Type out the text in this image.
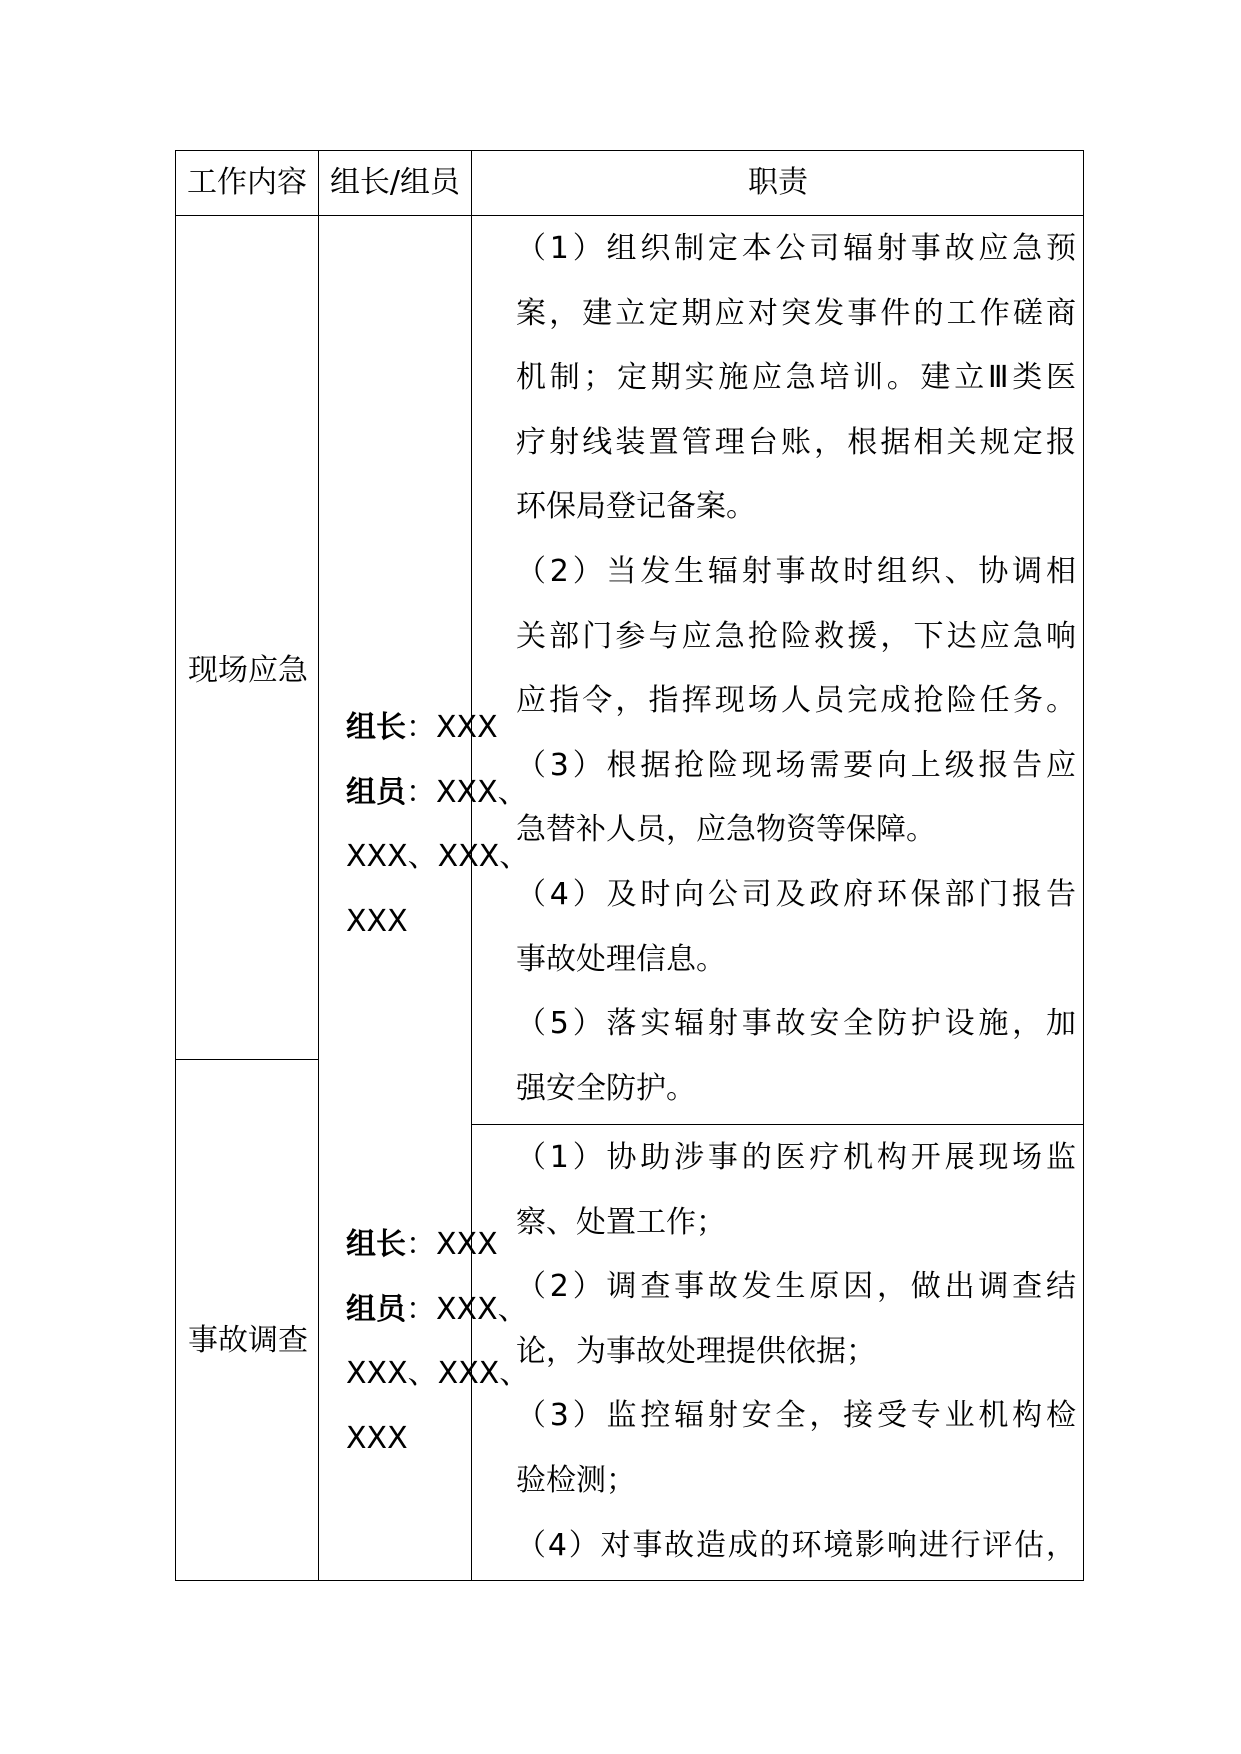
工作内容 组长/组员	职责
现场应急
组长：XXX
组员：XXX、
XXX、XXX、
XXX
（1）组织制定本公司辐射事故应急预
案，建立定期应对突发事件的工作磋商
机制；定期实施应急培训。建立Ⅲ类医
疗射线装置管理台账，根据相关规定报
环保局登记备案。
（2）当发生辐射事故时组织、协调相
关部门参与应急抢险救援，下达应急响
应指令，指挥现场人员完成抢险任务。
（3）根据抢险现场需要向上级报告应
急替补人员，应急物资等保障。
（4）及时向公司及政府环保部门报告
事故处理信息。
（5）落实辐射事故安全防护设施，加
强安全防护。
事故调查
组长：XXX
组员：XXX、
XXX、XXX、
XXX
（1）协助涉事的医疗机构开展现场监
察、处置工作；
（2）调查事故发生原因，做出调查结
论，为事故处理提供依据；
（3）监控辐射安全，接受专业机构检
验检测；
（4）对事故造成的环境影响进行评估，
